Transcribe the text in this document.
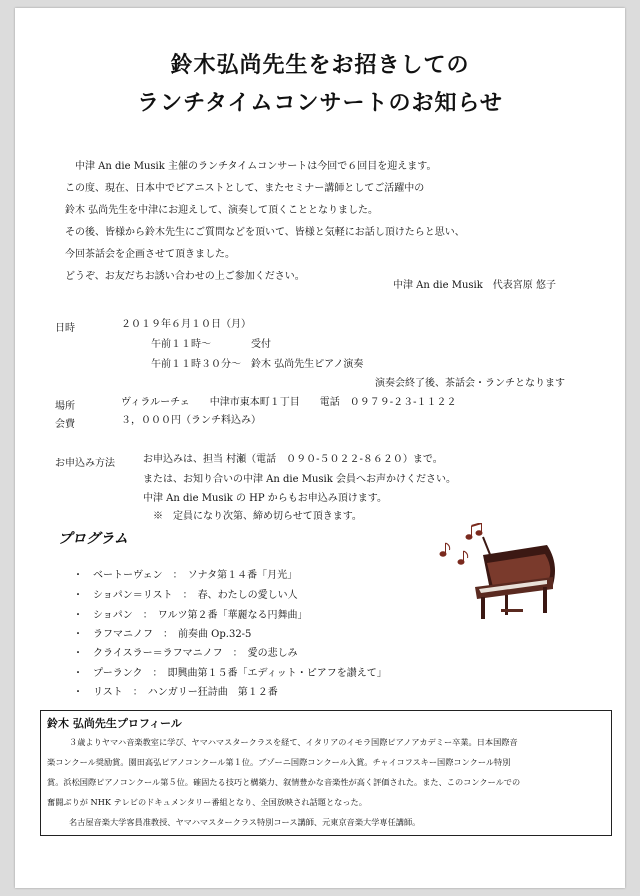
鈴木弘尚先生をお招きしての
ランチタイムコンサートのお知らせ
中津 An die Musik 主催のランチタイムコンサートは今回で６回目を迎えます。
この度、現在、日本中でピアニストとして、またセミナー講師としてご活躍中の
鈴木 弘尚先生を中津にお迎えして、演奏して頂くこととなりました。
その後、皆様から鈴木先生にご質問などを頂いて、皆様と気軽にお話し頂けたらと思い、
今回茶話会を企画させて頂きました。
どうぞ、お友だちお誘い合わせの上ご参加ください。
中津 An die Musik　代表宮原 悠子
日時	２０１９年６月１０日（月）
午前１１時～　　　　受付
午前１１時３０分～　鈴木 弘尚先生ピアノ演奏
演奏会終了後、茶話会・ランチとなります
場所	ヴィラルーチェ　　中津市東本町１丁目　　電話　０９７９-２３-１１２２
会費	３，０００円（ランチ料込み）
お申込み方法	お申込みは、担当 村瀬（電話　０９０-５０２２-８６２０）まで。
または、お知り合いの中津 An die Musik 会員へお声かけください。
中津 An die Musik の HP からもお申込み頂けます。
※　定員になり次第、締め切らせて頂きます。
プログラム
・ ベートーヴェン　：　ソナタ第１４番「月光」
・ ショパン＝リスト　：　春、わたしの愛しい人
・ ショパン　：　ワルツ第２番「華麗なる円舞曲」
・ ラフマニノフ　：　前奏曲 Op.32-5
・ クライスラー＝ラフマニノフ　：　愛の悲しみ
・ プーランク　：　即興曲第１５番「エディット・ピアフを讃えて」
・ リスト　：　ハンガリー狂詩曲　第１２番
鈴木 弘尚先生プロフィール
３歳よりヤマハ音楽教室に学び、ヤマハマスタークラスを経て、イタリアのイモラ国際ピアノアカデミー卒業。日本国際音
楽コンクール奨励賞。園田高弘ピアノコンクール第１位。ブゾーニ国際コンクール入賞。チャイコフスキー国際コンクール特別
賞。浜松国際ピアノコンクール第５位。確固たる技巧と構築力、叙情豊かな音楽性が高く評価された。また、このコンクールでの
奮闘ぶりが NHK テレビのドキュメンタリー番組となり、全国放映され話題となった。
名古屋音楽大学客員准教授、ヤマハマスタークラス特別コース講師、元東京音楽大学専任講師。
